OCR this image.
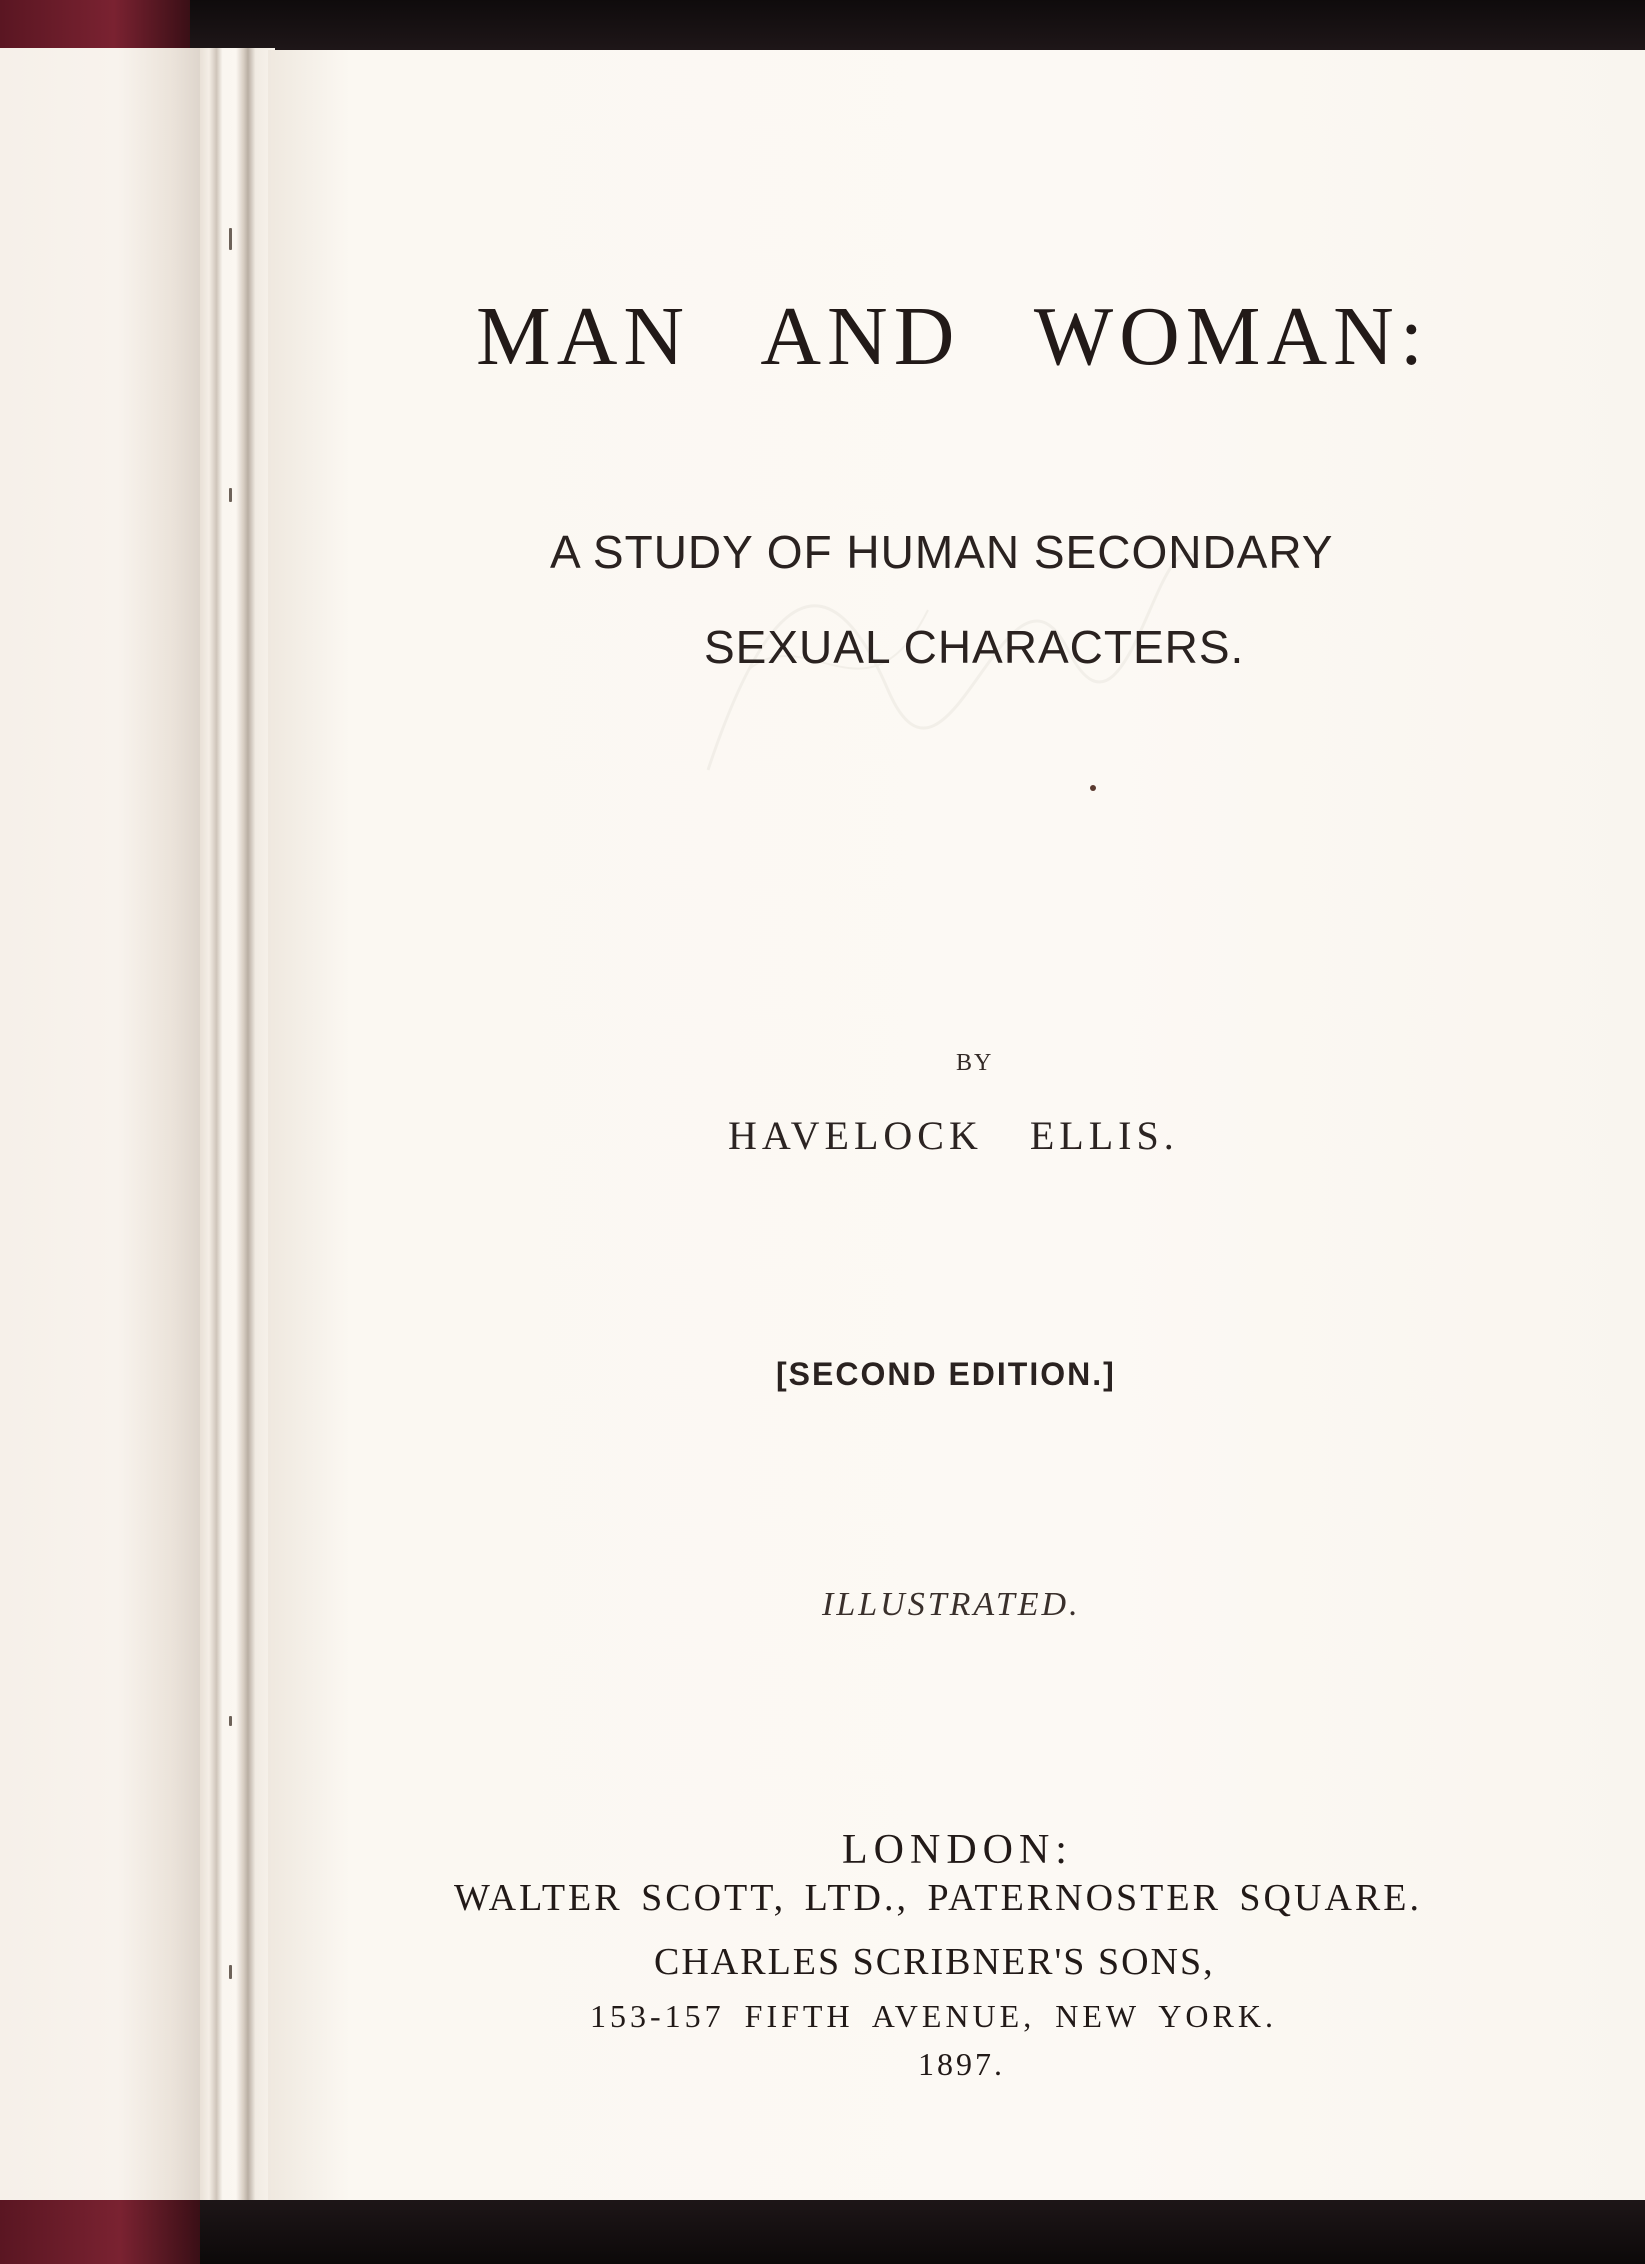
MAN AND WOMAN:
A STUDY OF HUMAN SECONDARY
SEXUAL CHARACTERS.
BY
HAVELOCK ELLIS.
[SECOND EDITION.]
ILLUSTRATED.
LONDON:
WALTER SCOTT, LTD., PATERNOSTER SQUARE.
CHARLES SCRIBNER'S SONS,
153-157 FIFTH AVENUE, NEW YORK.
1897.
